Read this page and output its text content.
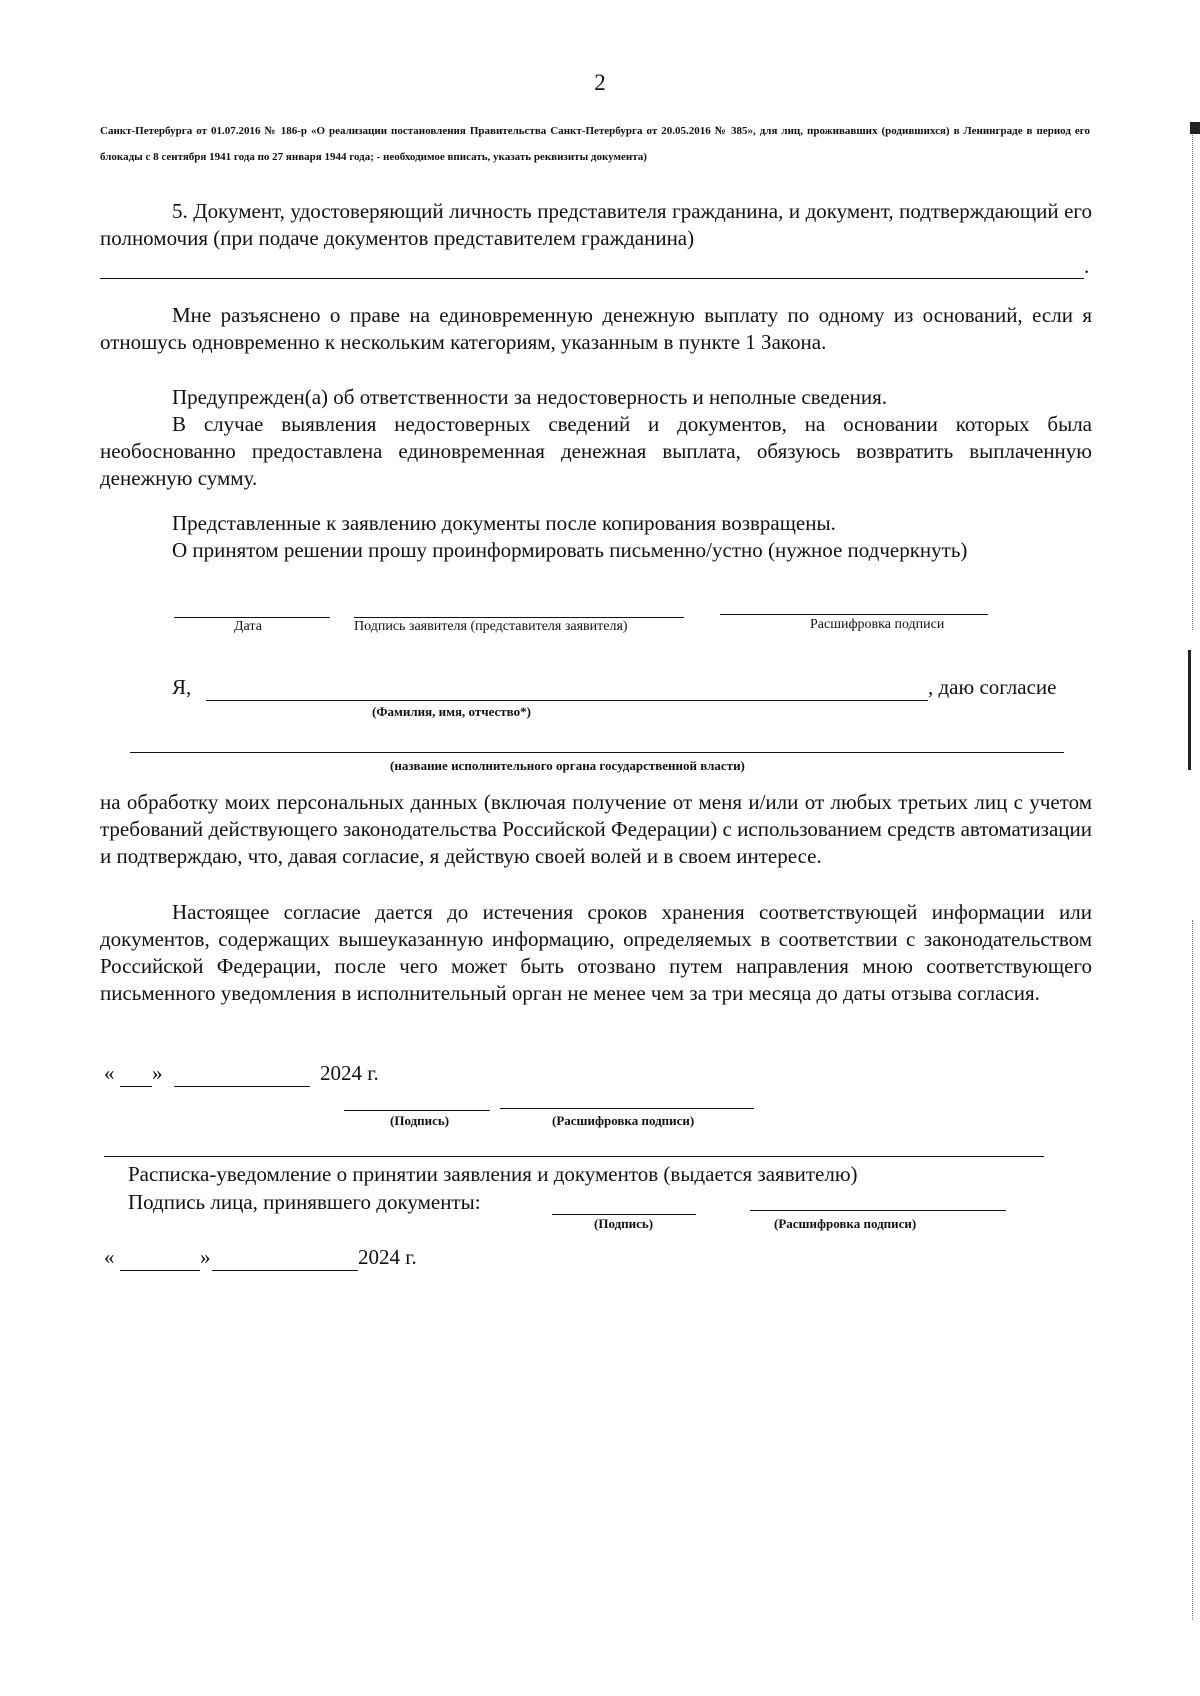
2
Санкт-Петербурга от 01.07.2016 № 186-р «О реализации постановления Правительства Санкт-Петербурга от 20.05.2016 № 385», для лиц, проживавших (родившихся) в Ленинграде в период его блокады с 8 сентября 1941 года по 27 января 1944 года; - необходимое вписать, указать реквизиты документа)
5. Документ, удостоверяющий личность представителя гражданина, и документ, подтверждающий его полномочия (при подаче документов представителем гражданина)
.
Мне разъяснено о праве на единовременную денежную выплату по одному из оснований, если я отношусь одновременно к нескольким категориям, указанным в пункте 1 Закона.
Предупрежден(а) об ответственности за недостоверность и неполные сведения.
В случае выявления недостоверных сведений и документов, на основании которых была необоснованно предоставлена единовременная денежная выплата, обязуюсь возвратить выплаченную денежную сумму.
Представленные к заявлению документы после копирования возвращены.
О принятом решении прошу проинформировать письменно/устно (нужное подчеркнуть)
Дата	Подпись заявителя (представителя заявителя)	Расшифровка подписи
Я,	, даю согласие
(Фамилия, имя, отчество*)
(название исполнительного органа государственной власти)
на обработку моих персональных данных (включая получение от меня и/или от любых третьих лиц с учетом требований действующего законодательства Российской Федерации) с использованием средств автоматизации и подтверждаю, что, давая согласие, я действую своей волей и в своем интересе.
Настоящее согласие дается до истечения сроков хранения соответствующей информации или документов, содержащих вышеуказанную информацию, определяемых в соответствии с законодательством Российской Федерации, после чего может быть отозвано путем направления мною соответствующего письменного уведомления в исполнительный орган не менее чем за три месяца до даты отзыва согласия.
« »	2024 г.
(Подпись)	(Расшифровка подписи)
Расписка-уведомление о принятии заявления и документов (выдается заявителю)
Подпись лица, принявшего документы:
(Подпись)	(Расшифровка подписи)
«	»	2024 г.
